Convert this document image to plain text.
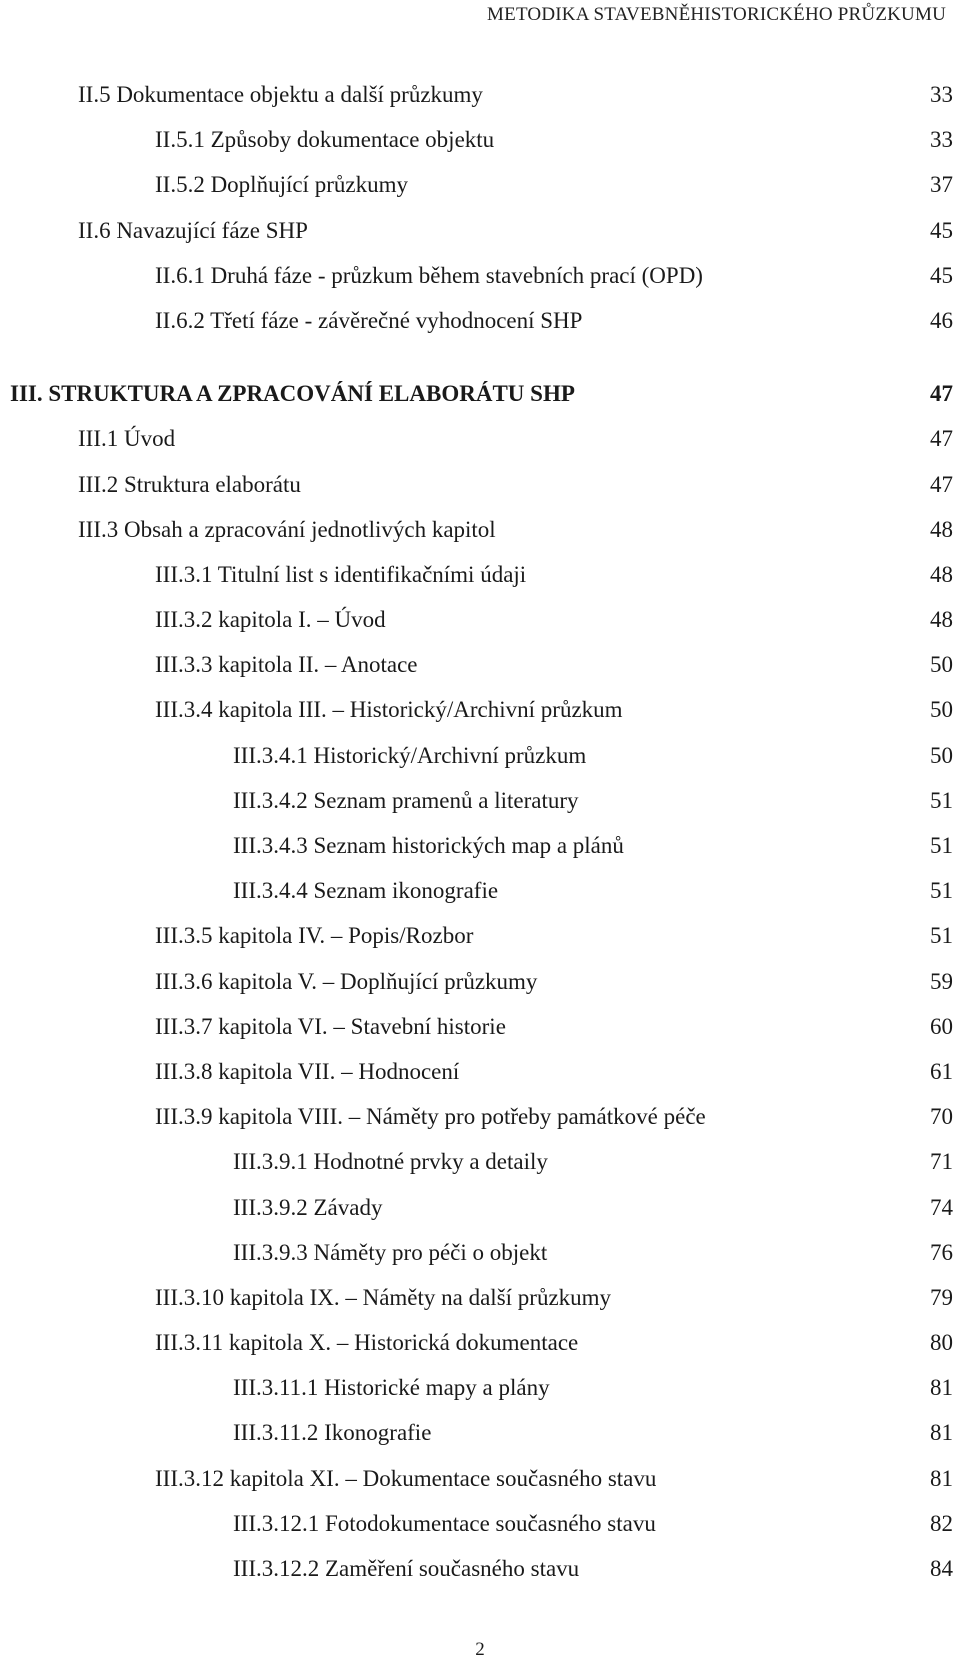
METODIKA STAVEBNĚHISTORICKÉHO PRŮZKUMU
II.5 Dokumentace objektu a další průzkumy	33
II.5.1 Způsoby dokumentace objektu	33
II.5.2 Doplňující průzkumy	37
II.6 Navazující fáze SHP	45
II.6.1 Druhá fáze - průzkum během stavebních prací (OPD)	45
II.6.2 Třetí fáze - závěrečné vyhodnocení SHP	46
III. STRUKTURA A ZPRACOVÁNÍ ELABORÁTU SHP	47
III.1 Úvod	47
III.2 Struktura elaborátu	47
III.3 Obsah a zpracování jednotlivých kapitol	48
III.3.1 Titulní list s identifikačními údaji	48
III.3.2 kapitola I. – Úvod	48
III.3.3 kapitola II. – Anotace	50
III.3.4 kapitola III. – Historický/Archivní průzkum	50
III.3.4.1 Historický/Archivní průzkum	50
III.3.4.2 Seznam pramenů a literatury	51
III.3.4.3 Seznam historických map a plánů	51
III.3.4.4 Seznam ikonografie	51
III.3.5 kapitola IV. – Popis/Rozbor	51
III.3.6 kapitola V. – Doplňující průzkumy	59
III.3.7 kapitola VI. – Stavební historie	60
III.3.8 kapitola VII. – Hodnocení	61
III.3.9 kapitola VIII. – Náměty pro potřeby památkové péče	70
III.3.9.1 Hodnotné prvky a detaily	71
III.3.9.2 Závady	74
III.3.9.3 Náměty pro péči o objekt	76
III.3.10 kapitola IX. – Náměty na další průzkumy	79
III.3.11 kapitola X. – Historická dokumentace	80
III.3.11.1 Historické mapy a plány	81
III.3.11.2 Ikonografie	81
III.3.12 kapitola XI. – Dokumentace současného stavu	81
III.3.12.1 Fotodokumentace současného stavu	82
III.3.12.2 Zaměření současného stavu	84
2
